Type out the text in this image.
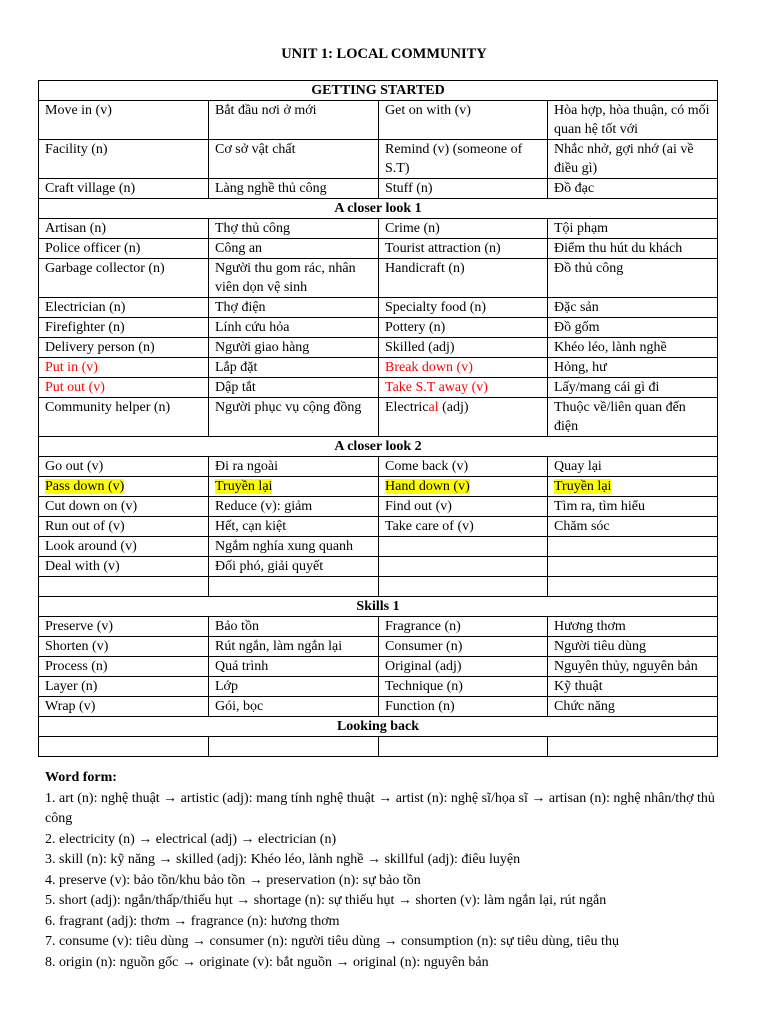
UNIT 1: LOCAL COMMUNITY
GETTING STARTED			
Move in (v)	Bắt đầu nơi ở mới	Get on with (v)	Hòa hợp, hòa thuận, có mối quan hệ tốt với
Facility (n)	Cơ sở vật chất	Remind (v) (someone of S.T)	Nhắc nhở, gợi nhớ (ai về điều gì)
Craft village (n)	Làng nghề thủ công	Stuff (n)	Đồ đạc
A closer look 1			
Artisan (n)	Thợ thủ công	Crime (n)	Tội phạm
Police officer (n)	Công an	Tourist attraction (n)	Điểm thu hút du khách
Garbage collector (n)	Người thu gom rác, nhân viên dọn vệ sinh	Handicraft (n)	Đồ thủ công
Electrician (n)	Thợ điện	Specialty food (n)	Đặc sản
Firefighter (n)	Lính cứu hỏa	Pottery (n)	Đồ gốm
Delivery person (n)	Người giao hàng	Skilled (adj)	Khéo léo, lành nghề
Put in (v)	Lắp đặt	Break down (v)	Hỏng, hư
Put out (v)	Dập tắt	Take S.T away (v)	Lấy/mang cái gì đi
Community helper (n)	Người phục vụ cộng đồng	Electrical (adj)	Thuộc về/liên quan đến điện
A closer look 2			
Go out (v)	Đi ra ngoài	Come back (v)	Quay lại
Pass down (v)	Truyền lại	Hand down (v)	Truyền lại
Cut down on (v)	Reduce (v): giảm	Find out (v)	Tìm ra, tìm hiểu
Run out of (v)	Hết, cạn kiệt	Take care of (v)	Chăm sóc
Look around (v)	Ngắm nghía xung quanh		
Deal with (v)	Đối phó, giải quyết		

Skills 1			
Preserve (v)	Bảo tồn	Fragrance (n)	Hương thơm
Shorten (v)	Rút ngắn, làm ngắn lại	Consumer (n)	Người tiêu dùng
Process (n)	Quá trình	Original (adj)	Nguyên thủy, nguyên bản
Layer (n)	Lớp	Technique (n)	Kỹ thuật
Wrap (v)	Gói, bọc	Function (n)	Chức năng
Looking back			

Word form:
1. art (n): nghệ thuật → artistic (adj): mang tính nghệ thuật → artist (n): nghệ sĩ/họa sĩ → artisan (n): nghệ nhân/thợ thủ công
2. electricity (n) → electrical (adj) → electrician (n)
3. skill (n): kỹ năng → skilled (adj): Khéo léo, lành nghề → skillful (adj): điêu luyện
4. preserve (v): bảo tồn/khu bảo tồn → preservation (n): sự bảo tồn
5. short (adj): ngắn/thấp/thiếu hụt → shortage (n): sự thiếu hụt → shorten (v): làm ngắn lại, rút ngắn
6. fragrant (adj): thơm → fragrance (n): hương thơm
7. consume (v): tiêu dùng → consumer (n): người tiêu dùng → consumption (n): sự tiêu dùng, tiêu thụ
8. origin (n): nguồn gốc → originate (v): bắt nguồn → original (n): nguyên bản
